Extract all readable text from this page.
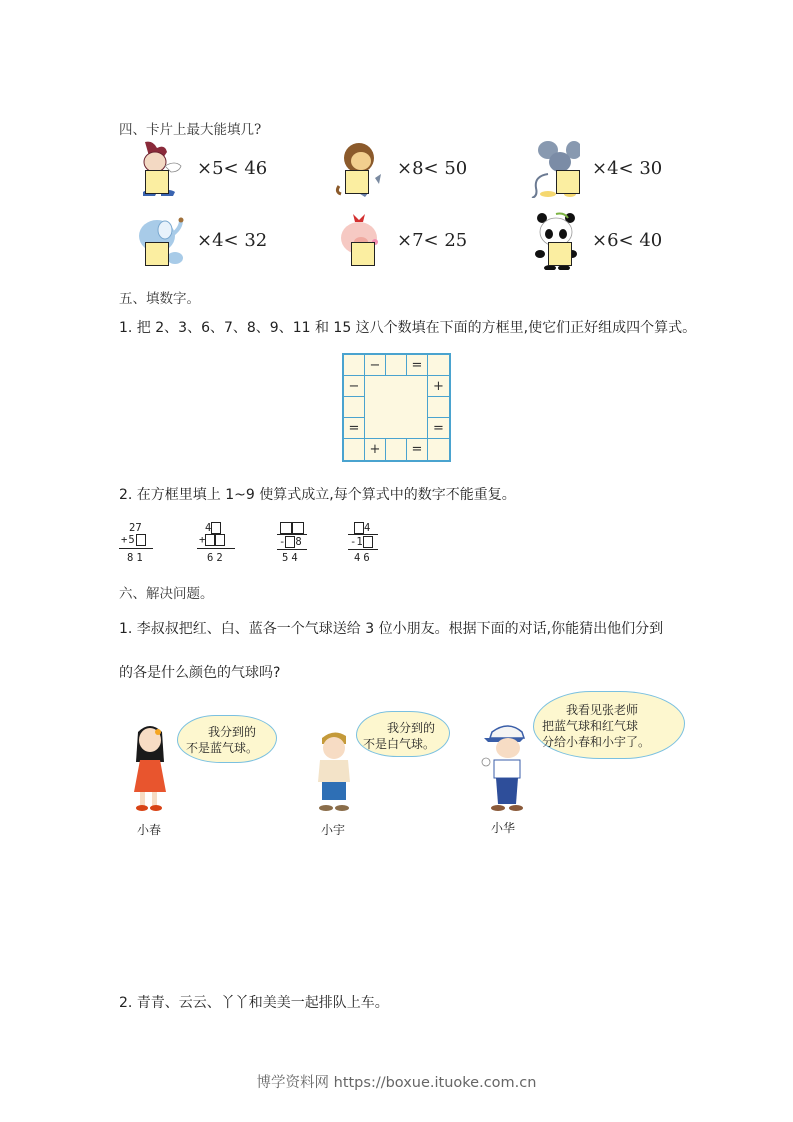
四、卡片上最大能填几?
×5< 46	×8< 50	×4< 30
×4< 32	×7< 25	×6< 40
五、填数字。
1. 把 2、3、6、7、8、9、11 和 15 这八个数填在下面的方框里,使它们正好组成四个算式。
−	=
−
=
+
=
+	=
2. 在方框里填上 1~9 使算式成立,每个算式中的数字不能重复。
27
+5
81
4
+
62
- 8
54
4
-1
46
六、解决问题。
1. 李叔叔把红、白、蓝各一个气球送给 3 位小朋友。根据下面的对话,你能猜出他们分到
的各是什么颜色的气球吗?
我分到的
不是蓝气球。
小春
我分到的
不是白气球。
小宇
我看见张老师
把蓝气球和红气球
分给小春和小宇了。
小华
2. 青青、云云、丫丫和美美一起排队上车。
博学资料网 https://boxue.ituoke.com.cn
